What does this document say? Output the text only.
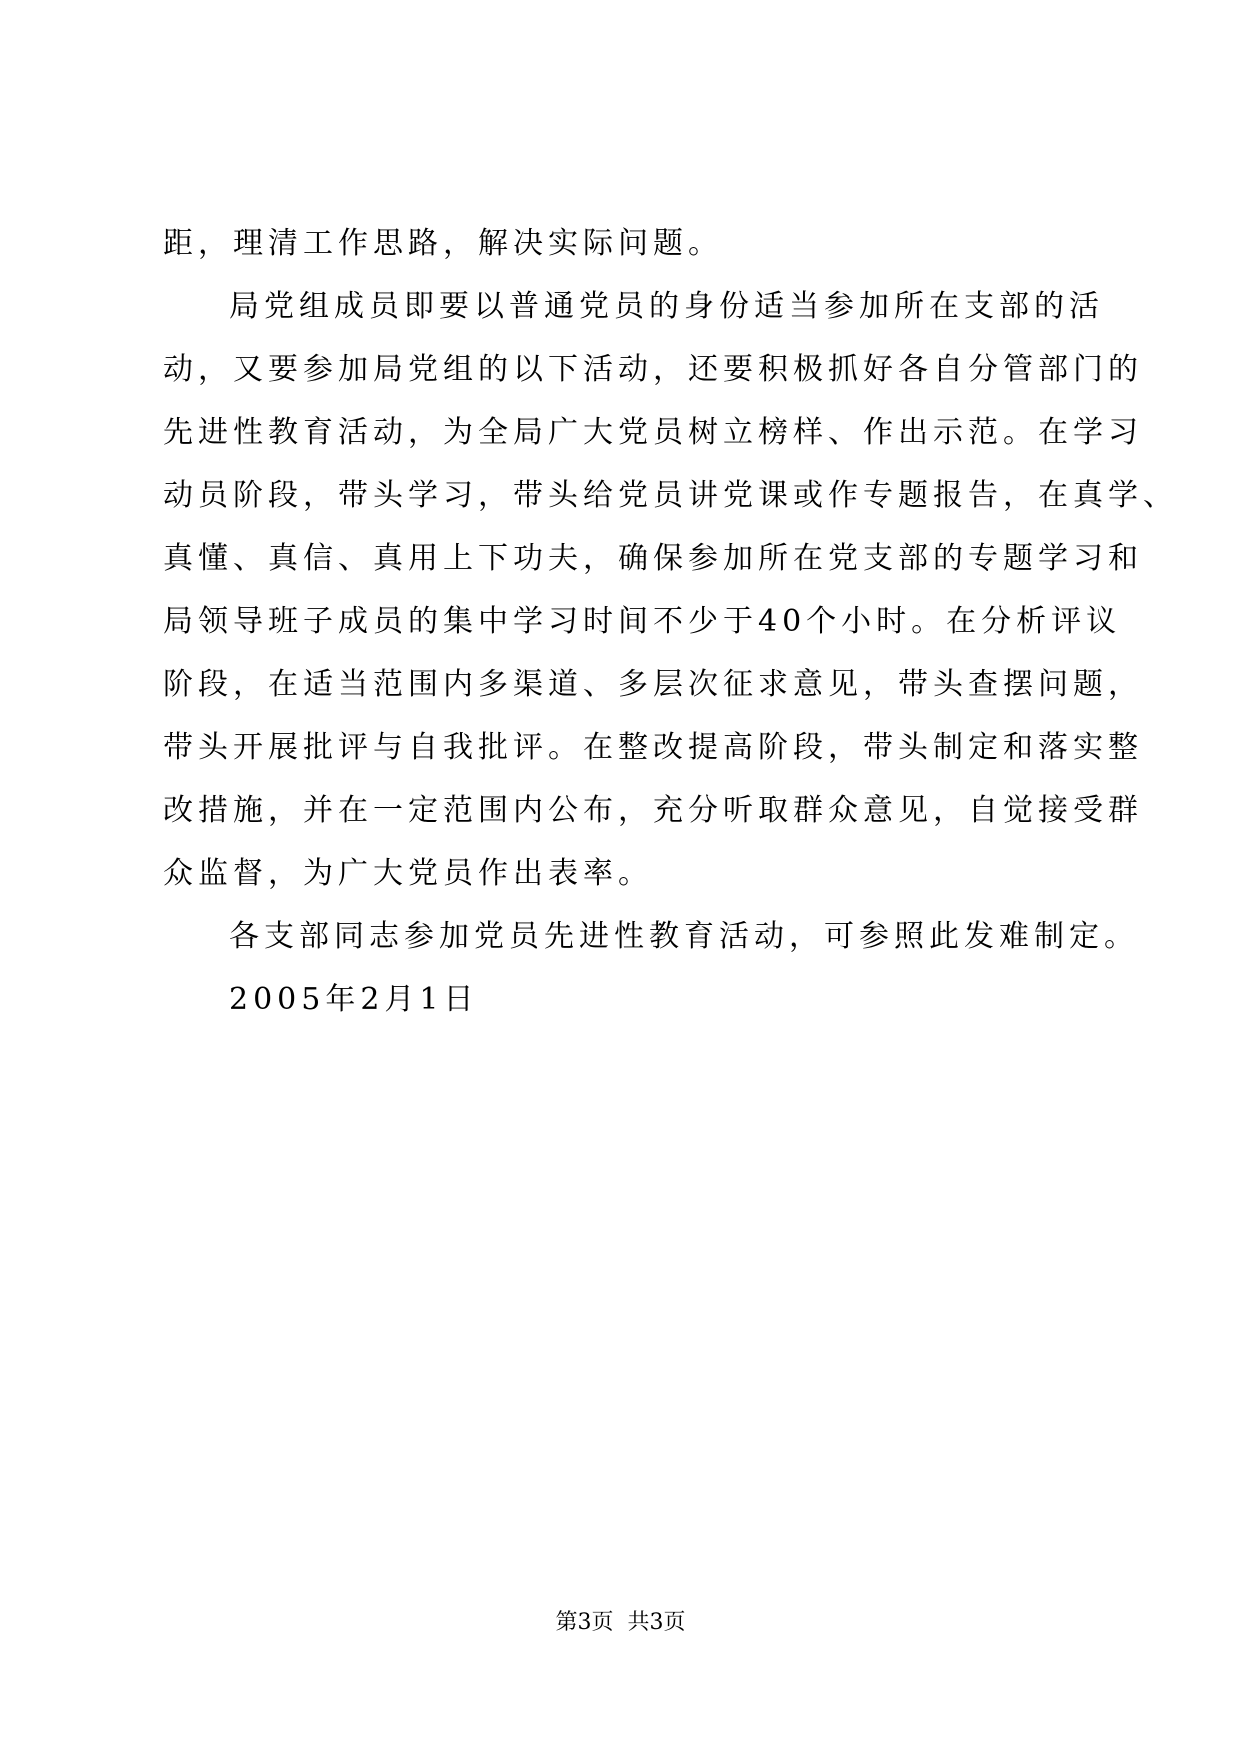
距，理清工作思路，解决实际问题。

局党组成员即要以普通党员的身份适当参加所在支部的活

动，又要参加局党组的以下活动，还要积极抓好各自分管部门的

先进性教育活动，为全局广大党员树立榜样、作出示范。在学习

动员阶段，带头学习，带头给党员讲党课或作专题报告，在真学、

真懂、真信、真用上下功夫，确保参加所在党支部的专题学习和

局领导班子成员的集中学习时间不少于40个小时。在分析评议

阶段，在适当范围内多渠道、多层次征求意见，带头查摆问题，

带头开展批评与自我批评。在整改提高阶段，带头制定和落实整

改措施，并在一定范围内公布，充分听取群众意见，自觉接受群

众监督，为广大党员作出表率。

各支部同志参加党员先进性教育活动，可参照此发难制定。

2005年2月1日

第3页 共3页
